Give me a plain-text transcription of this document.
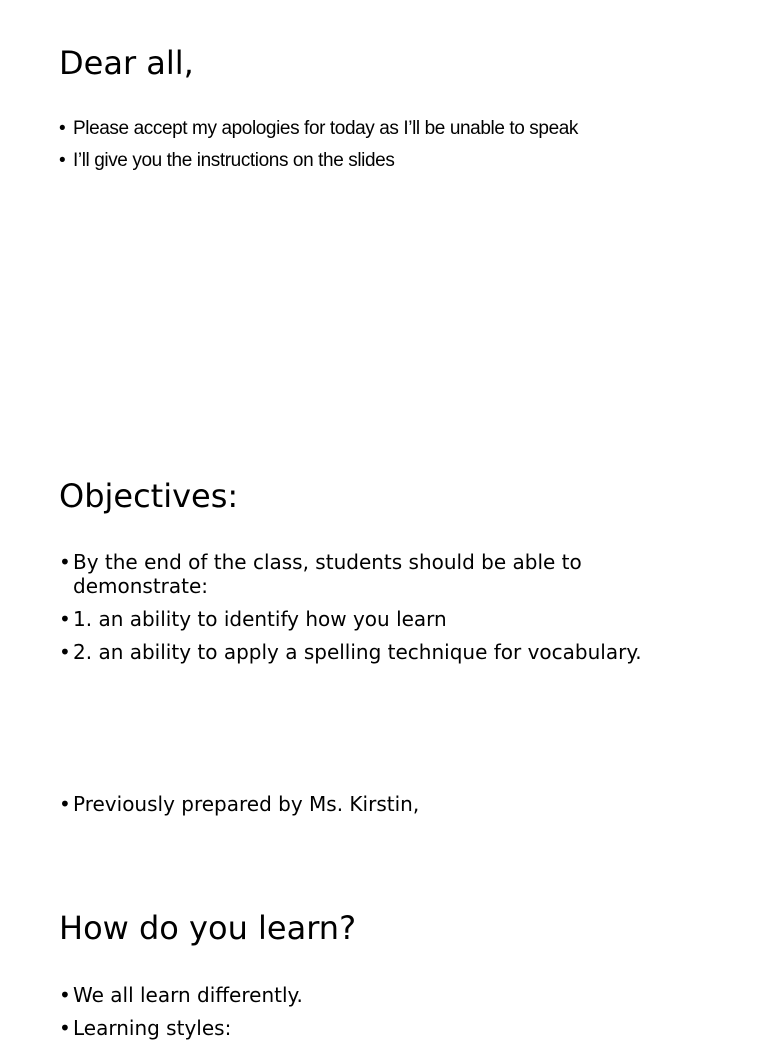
Dear all,
• Please accept my apologies for today as I’ll be unable to speak
• I’ll give you the instructions on the slides
Objectives:
• By the end of the class, students should be able to demonstrate:
• 1. an ability to identify how you learn
• 2. an ability to apply a spelling technique for vocabulary.
• Previously prepared by Ms. Kirstin,
How do you learn?
• We all learn differently.
• Learning styles:
